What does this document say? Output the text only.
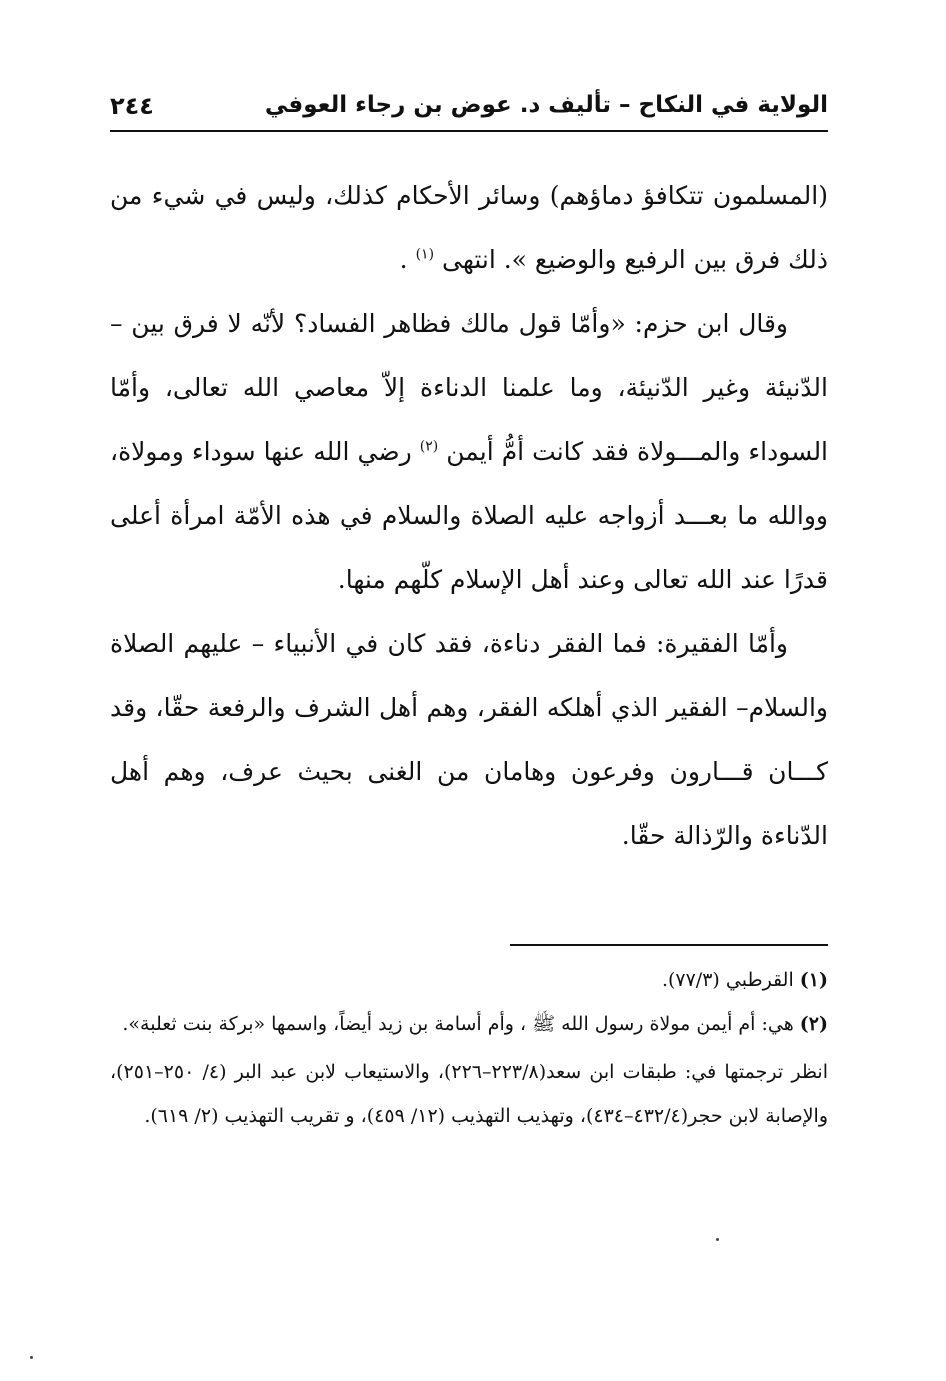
الولاية في النكاح – تأليف د. عوض بن رجاء العوفي
٢٤٤

(المسلمون تتكافؤ دماؤهم) وسائر الأحكام كذلك، وليس في شيء من ذلك فرق بين الرفيع والوضيع ». انتهى $^{(١)}$ .

وقال ابن حزم: «وأمّا قول مالك فظاهر الفساد؟ لأنّه لا فرق بين – الدّنيئة وغير الدّنيئة، وما علمنا الدناءة إلاّ معاصي الله تعالى، وأمّا السوداء والمـــولاة فقد كانت أمُّ أيمن $^{(٢)}$ رضي الله عنها سوداء ومولاة، ووالله ما بعـــد أزواجه عليه الصلاة والسلام في هذه الأمّة امرأة أعلى قدرًا عند الله تعالى وعند أهل الإسلام كلّهم منها.

وأمّا الفقيرة: فما الفقر دناءة، فقد كان في الأنبياء – عليهم الصلاة والسلام– الفقير الذي أهلكه الفقر، وهم أهل الشرف والرفعة حقّا، وقد كـــان قـــارون وفرعون وهامان من الغنى بحيث عرف، وهم أهل الدّناءة والرّذالة حقّا.

(١) القرطبي (٧٧/٣).

(٢) هي: أم أيمن مولاة رسول الله ﷺ ، وأم أسامة بن زيد أيضاً، واسمها «بركة بنت ثعلبة».

انظر ترجمتها في: طبقات ابن سعد(٢٢٣/٨–٢٢٦)، والاستيعاب لابن عبد البر (٤/ ٢٥٠–٢٥١)، والإصابة لابن حجر(٤٣٢/٤–٤٣٤)، وتهذيب التهذيب (١٢/ ٤٥٩)، و تقريب التهذيب (٢/ ٦١٩).
